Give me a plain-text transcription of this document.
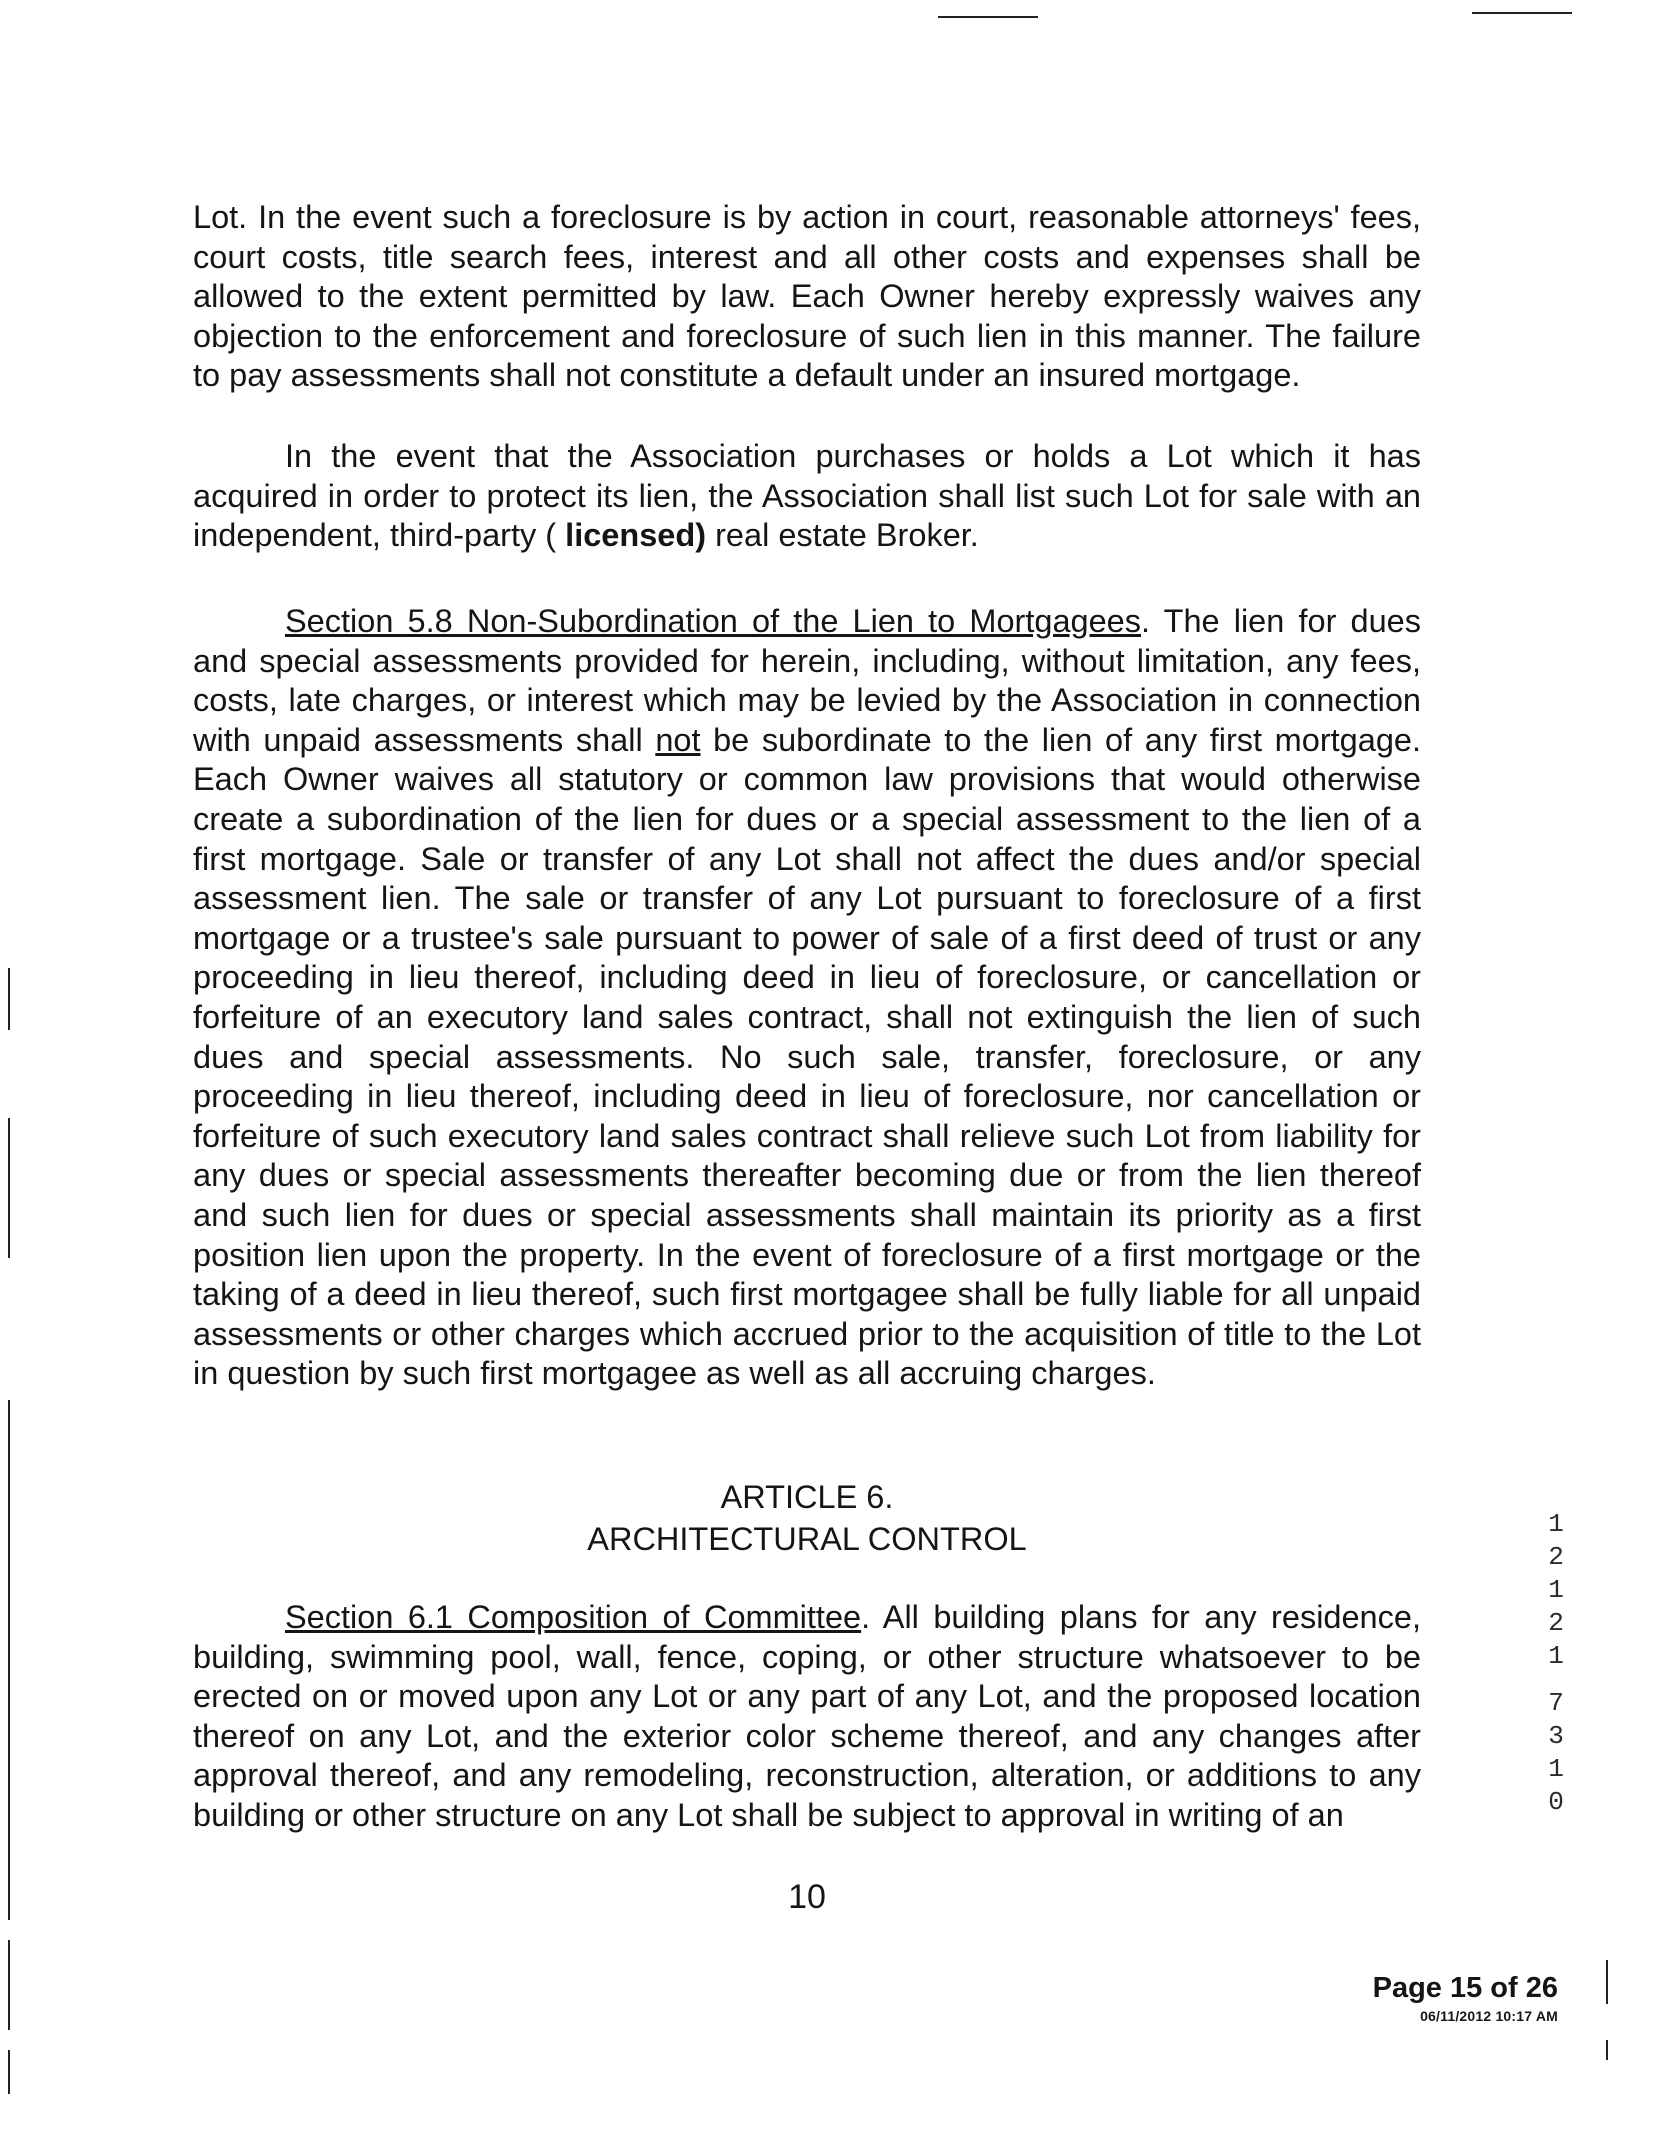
Lot. In the event such a foreclosure is by action in court, reasonable attorneys' fees, court costs, title search fees, interest and all other costs and expenses shall be allowed to the extent permitted by law. Each Owner hereby expressly waives any objection to the enforcement and foreclosure of such lien in this manner. The failure to pay assessments shall not constitute a default under an insured mortgage.

In the event that the Association purchases or holds a Lot which it has acquired in order to protect its lien, the Association shall list such Lot for sale with an independent, third-party ( licensed) real estate Broker.

Section 5.8 Non-Subordination of the Lien to Mortgagees. The lien for dues and special assessments provided for herein, including, without limitation, any fees, costs, late charges, or interest which may be levied by the Association in connection with unpaid assessments shall not be subordinate to the lien of any first mortgage. Each Owner waives all statutory or common law provisions that would otherwise create a subordination of the lien for dues or a special assessment to the lien of a first mortgage. Sale or transfer of any Lot shall not affect the dues and/or special assessment lien. The sale or transfer of any Lot pursuant to foreclosure of a first mortgage or a trustee's sale pursuant to power of sale of a first deed of trust or any proceeding in lieu thereof, including deed in lieu of foreclosure, or cancellation or forfeiture of an executory land sales contract, shall not extinguish the lien of such dues and special assessments. No such sale, transfer, foreclosure, or any proceeding in lieu thereof, including deed in lieu of foreclosure, nor cancellation or forfeiture of such executory land sales contract shall relieve such Lot from liability for any dues or special assessments thereafter becoming due or from the lien thereof and such lien for dues or special assessments shall maintain its priority as a first position lien upon the property. In the event of foreclosure of a first mortgage or the taking of a deed in lieu thereof, such first mortgagee shall be fully liable for all unpaid assessments or other charges which accrued prior to the acquisition of title to the Lot in question by such first mortgagee as well as all accruing charges.

ARTICLE 6.
ARCHITECTURAL CONTROL

Section 6.1 Composition of Committee. All building plans for any residence, building, swimming pool, wall, fence, coping, or other structure whatsoever to be erected on or moved upon any Lot or any part of any Lot, and the proposed location thereof on any Lot, and the exterior color scheme thereof, and any changes after approval thereof, and any remodeling, reconstruction, alteration, or additions to any building or other structure on any Lot shall be subject to approval in writing of an

10
1
2
1
2
1
7
3
1
0
Page 15 of 26
06/11/2012 10:17 AM
